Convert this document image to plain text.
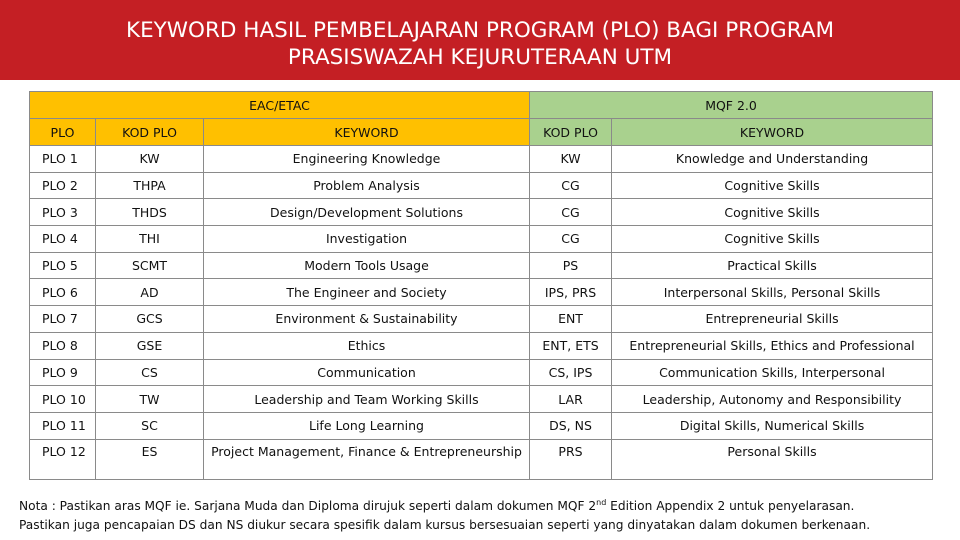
KEYWORD HASIL PEMBELAJARAN PROGRAM (PLO) BAGI PROGRAM
PRASISWAZAH KEJURUTERAAN UTM
EAC/ETAC			MQF 2.0	
PLO	KOD PLO	KEYWORD	KOD PLO	KEYWORD
PLO 1	KW	Engineering Knowledge	KW	Knowledge and Understanding
PLO 2	THPA	Problem Analysis	CG	Cognitive Skills
PLO 3	THDS	Design/Development Solutions	CG	Cognitive Skills
PLO 4	THI	Investigation	CG	Cognitive Skills
PLO 5	SCMT	Modern Tools Usage	PS	Practical Skills
PLO 6	AD	The Engineer and Society	IPS, PRS	Interpersonal Skills, Personal Skills
PLO 7	GCS	Environment & Sustainability	ENT	Entrepreneurial Skills
PLO 8	GSE	Ethics	ENT, ETS	Entrepreneurial Skills, Ethics and Professional
PLO 9	CS	Communication	CS, IPS	Communication Skills, Interpersonal
PLO 10	TW	Leadership and Team Working Skills	LAR	Leadership, Autonomy and Responsibility
PLO 11	SC	Life Long Learning	DS, NS	Digital Skills, Numerical Skills
PLO 12	ES	Project Management, Finance & Entrepreneurship	PRS	Personal Skills
Nota : Pastikan aras MQF ie. Sarjana Muda dan Diploma dirujuk seperti dalam dokumen MQF 2nd Edition Appendix 2 untuk penyelarasan.
Pastikan juga pencapaian DS dan NS diukur secara spesifik dalam kursus bersesuaian seperti yang dinyatakan dalam dokumen berkenaan.
